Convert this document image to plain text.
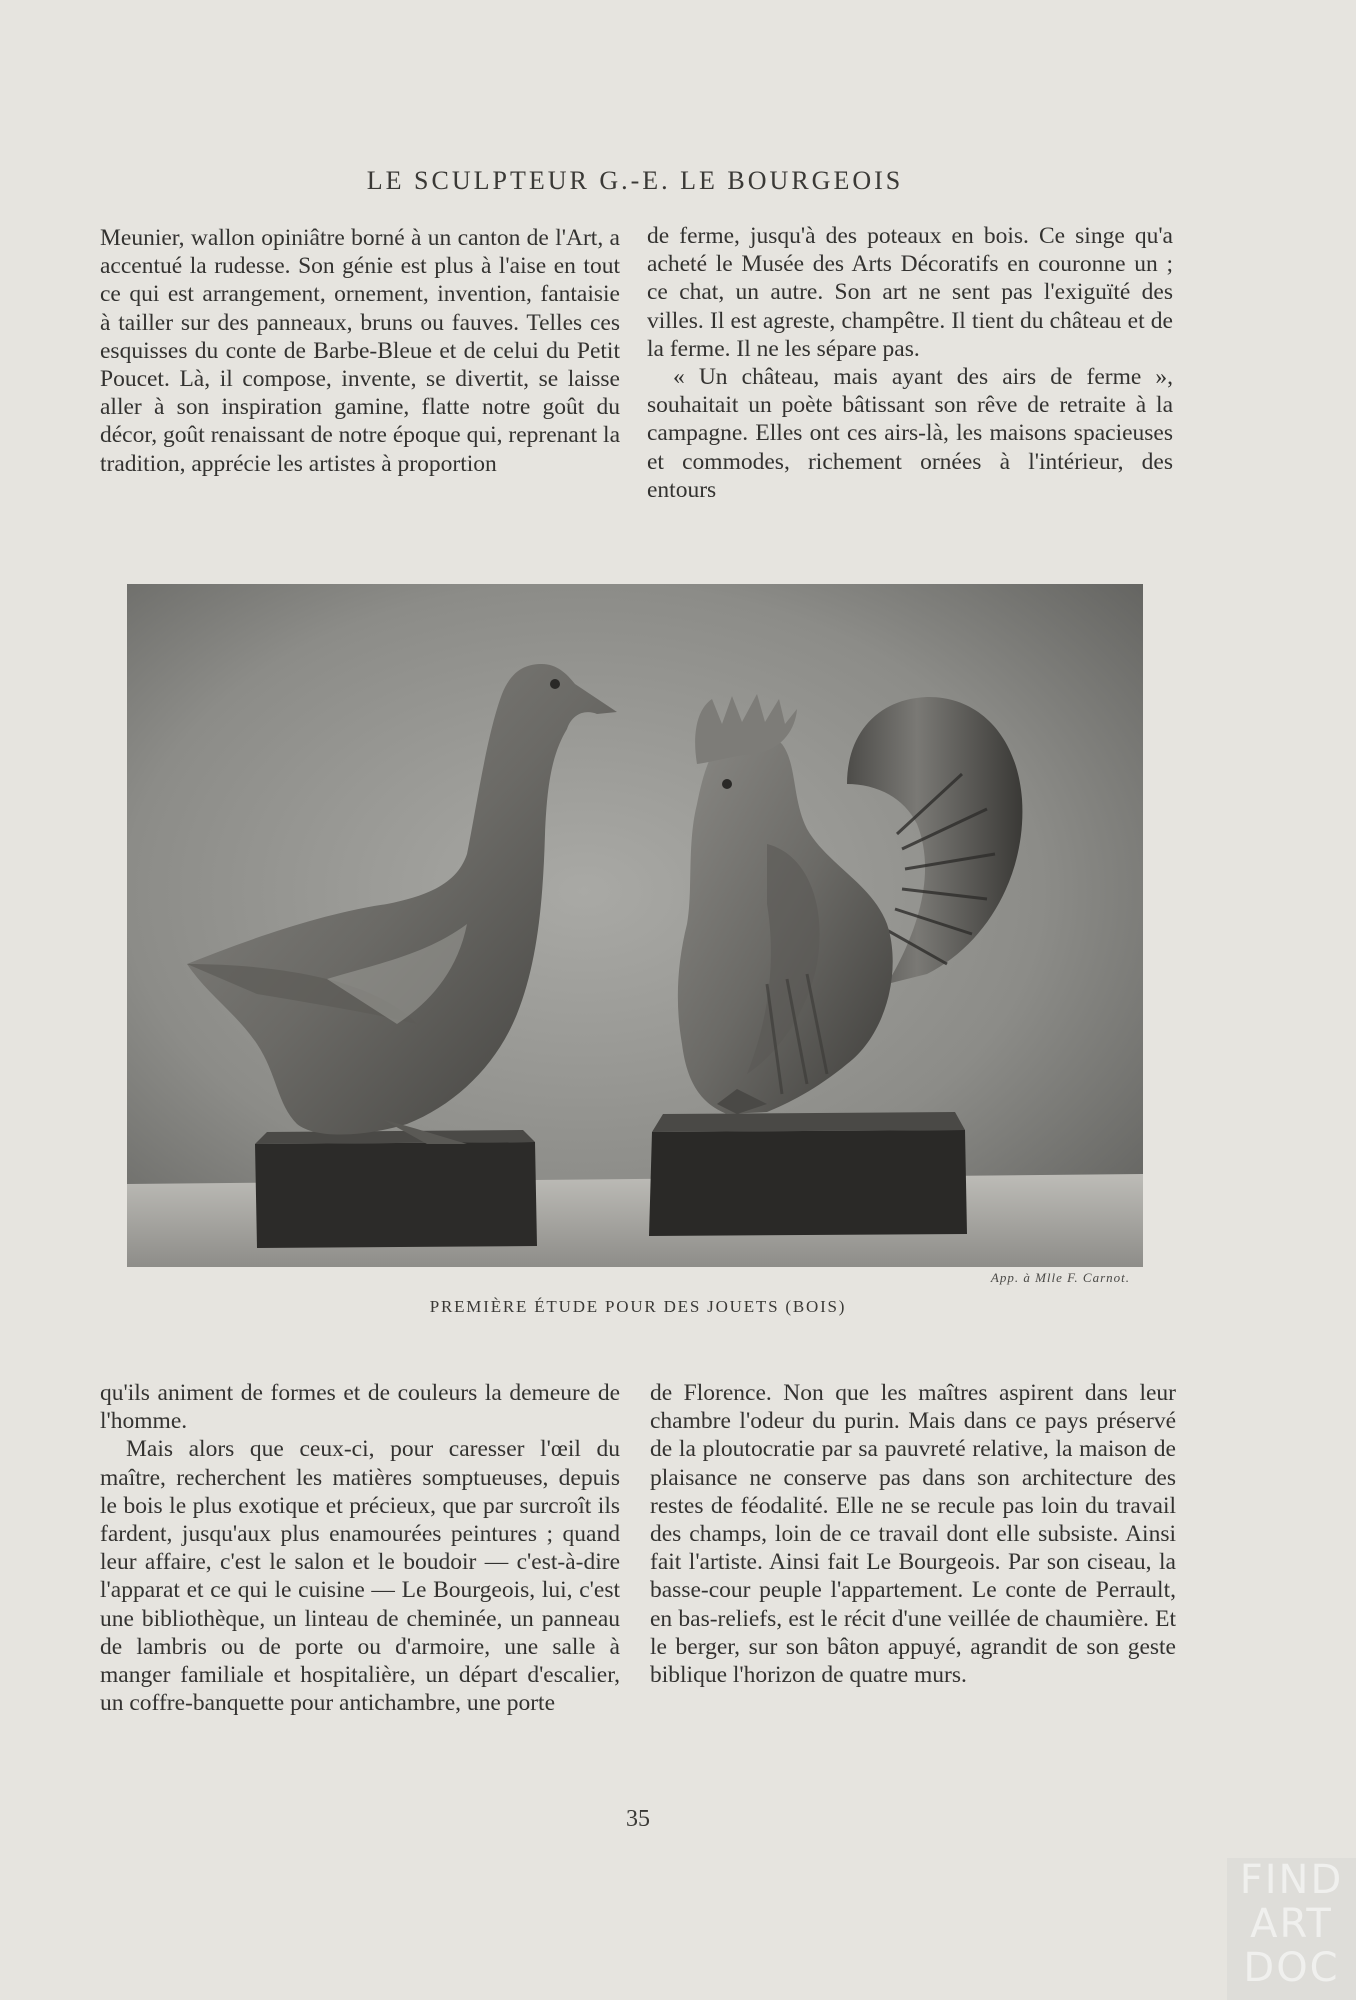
LE SCULPTEUR G.-E. LE BOURGEOIS

Meunier, wallon opiniâtre borné à un canton de l'Art, a accentué la rudesse. Son génie est plus à l'aise en tout ce qui est arrangement, ornement, invention, fantaisie à tailler sur des panneaux, bruns ou fauves. Telles ces esquisses du conte de Barbe-Bleue et de celui du Petit Poucet. Là, il compose, invente, se divertit, se laisse aller à son inspiration gamine, flatte notre goût du décor, goût renaissant de notre époque qui, reprenant la tradition, apprécie les artistes à proportion

de ferme, jusqu'à des poteaux en bois. Ce singe qu'a acheté le Musée des Arts Décoratifs en couronne un ; ce chat, un autre. Son art ne sent pas l'exiguïté des villes. Il est agreste, champêtre. Il tient du château et de la ferme. Il ne les sépare pas.

« Un château, mais ayant des airs de ferme », souhaitait un poète bâtissant son rêve de retraite à la campagne. Elles ont ces airs-là, les maisons spacieuses et commodes, richement ornées à l'intérieur, des entours

App. à Mlle F. Carnot.
PREMIÈRE ÉTUDE POUR DES JOUETS (BOIS)

qu'ils animent de formes et de couleurs la demeure de l'homme.

Mais alors que ceux-ci, pour caresser l'œil du maître, recherchent les matières somptueuses, depuis le bois le plus exotique et précieux, que par surcroît ils fardent, jusqu'aux plus enamourées peintures ; quand leur affaire, c'est le salon et le boudoir — c'est-à-dire l'apparat et ce qui le cuisine — Le Bourgeois, lui, c'est une bibliothèque, un linteau de cheminée, un panneau de lambris ou de porte ou d'armoire, une salle à manger familiale et hospitalière, un départ d'escalier, un coffre-banquette pour antichambre, une porte

de Florence. Non que les maîtres aspirent dans leur chambre l'odeur du purin. Mais dans ce pays préservé de la ploutocratie par sa pauvreté relative, la maison de plaisance ne conserve pas dans son architecture des restes de féodalité. Elle ne se recule pas loin du travail des champs, loin de ce travail dont elle subsiste. Ainsi fait l'artiste. Ainsi fait Le Bourgeois. Par son ciseau, la basse-cour peuple l'appartement. Le conte de Perrault, en bas-reliefs, est le récit d'une veillée de chaumière. Et le berger, sur son bâton appuyé, agrandit de son geste biblique l'horizon de quatre murs.

35
FIND
ART
DOC
